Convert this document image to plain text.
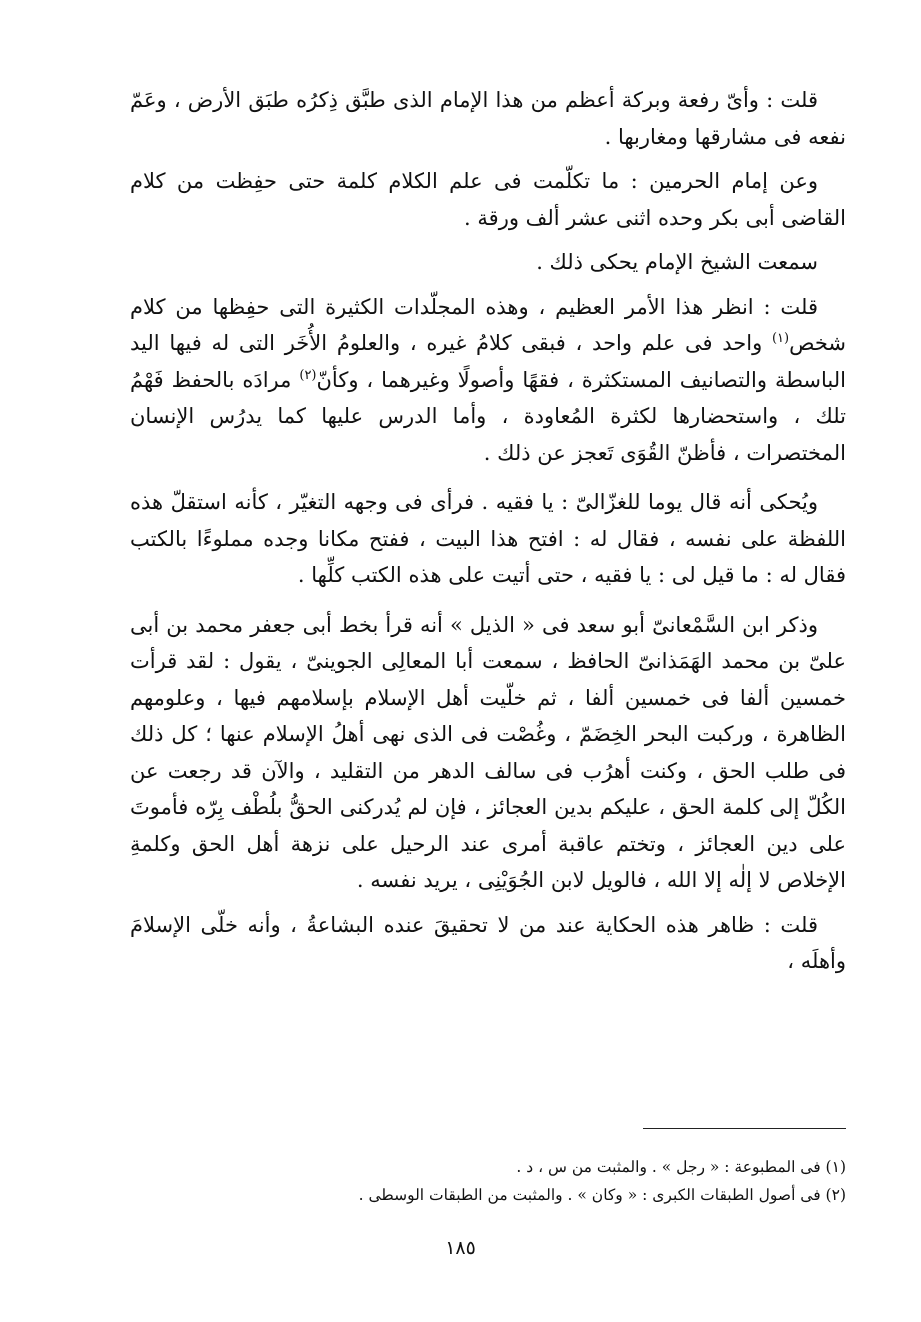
قلت : وأىّ رفعة وبركة أعظم من هذا الإمام الذى طبَّق ذِكرُه طبَق الأرض ، وعَمّ نفعه فى مشارقها ومغاربها .

وعن إمام الحرمين : ما تكلّمت فى علم الكلام كلمة حتى حفِظت من كلام القاضى أبى بكر وحده اثنى عشر ألف ورقة .

سمعت الشيخ الإمام يحكى ذلك .

قلت : انظر هذا الأمر العظيم ، وهذه المجلّدات الكثيرة التى حفِظها من كلام شخص$^{(١)}$ واحد فى علم واحد ، فبقى كلامُ غيره ، والعلومُ الأُخَر التى له فيها اليد الباسطة والتصانيف المستكثرة ، فقهًا وأصولًا وغيرهما ، وكأنّ$^{(٢)}$ مرادَه بالحفظ فَهْمُ تلك ، واستحضارها لكثرة المُعاودة ، وأما الدرس عليها كما يدرُس الإنسان المختصرات ، فأظنّ القُوَى تَعجز عن ذلك .

ويُحكى أنه قال يوما للغزّالىّ : يا فقيه . فرأى فى وجهه التغيّر ، كأنه استقلّ هذه اللفظة على نفسه ، فقال له : افتح هذا البيت ، ففتح مكانا وجده مملوءًا بالكتب فقال له : ما قيل لى : يا فقيه ، حتى أتيت على هذه الكتب كلِّها .

وذكر ابن السَّمْعانىّ أبو سعد فى « الذيل » أنه قرأ بخط أبى جعفر محمد بن أبى علىّ بن محمد الهَمَذانىّ الحافظ ، سمعت أبا المعالِى الجوينىّ ، يقول : لقد قرأت خمسين ألفا فى خمسين ألفا ، ثم خلّيت أهل الإسلام بإسلامهم فيها ، وعلومهم الظاهرة ، وركبت البحر الخِضَمّ ، وغُصْت فى الذى نهى أهلُ الإسلام عنها ؛ كل ذلك فى طلب الحق ، وكنت أهرُب فى سالف الدهر من التقليد ، والآن قد رجعت عن الكُلّ إلى كلمة الحق ، عليكم بدين العجائز ، فإن لم يُدركنى الحقُّ بلُطْف بِرّه فأموتَ على دين العجائز ، وتختم عاقبة أمرى عند الرحيل على نزهة أهل الحق وكلمةِ الإخلاص لا إلٰه إلا الله ، فالويل لابن الجُوَيْنِى ، يريد نفسه .

قلت : ظاهر هذه الحكاية عند من لا تحقيقَ عنده البشاعةُ ، وأنه خلّى الإسلامَ وأهلَه ،

(١) فى المطبوعة : « رجل » . والمثبت من س ، د .

(٢) فى أصول الطبقات الكبرى : « وكان » . والمثبت من الطبقات الوسطى .

١٨٥
